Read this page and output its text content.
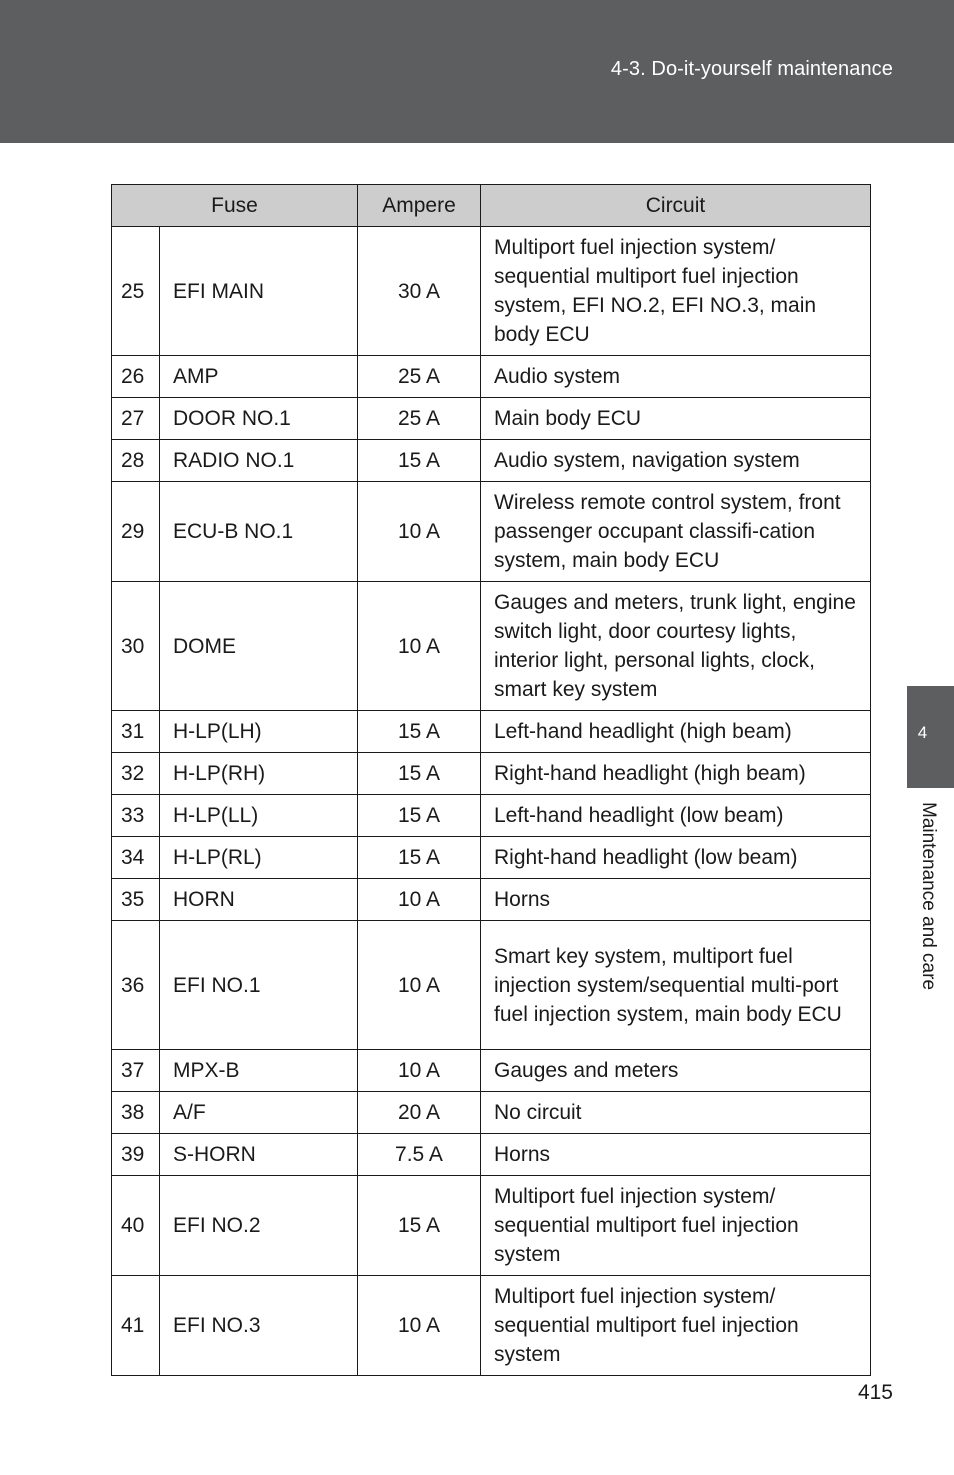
4-3. Do-it-yourself maintenance
4
Maintenance and care
Fuse		Ampere	Circuit
25	EFI MAIN	30 A	Multiport fuel injection system/ sequential multiport fuel injection system, EFI NO.2, EFI NO.3, main body ECU
26	AMP	25 A	Audio system
27	DOOR NO.1	25 A	Main body ECU
28	RADIO NO.1	15 A	Audio system, navigation system
29	ECU-B NO.1	10 A	Wireless remote control system, front passenger occupant classifi-cation system, main body ECU
30	DOME	10 A	Gauges and meters, trunk light, engine switch light, door courtesy lights, interior light, personal lights, clock, smart key system
31	H-LP(LH)	15 A	Left-hand headlight (high beam)
32	H-LP(RH)	15 A	Right-hand headlight (high beam)
33	H-LP(LL)	15 A	Left-hand headlight (low beam)
34	H-LP(RL)	15 A	Right-hand headlight (low beam)
35	HORN	10 A	Horns
36	EFI NO.1	10 A	Smart key system, multiport fuel injection system/sequential multi-port fuel injection system, main body ECU
37	MPX-B	10 A	Gauges and meters
38	A/F	20 A	No circuit
39	S-HORN	7.5 A	Horns
40	EFI NO.2	15 A	Multiport fuel injection system/ sequential multiport fuel injection system
41	EFI NO.3	10 A	Multiport fuel injection system/ sequential multiport fuel injection system
415
